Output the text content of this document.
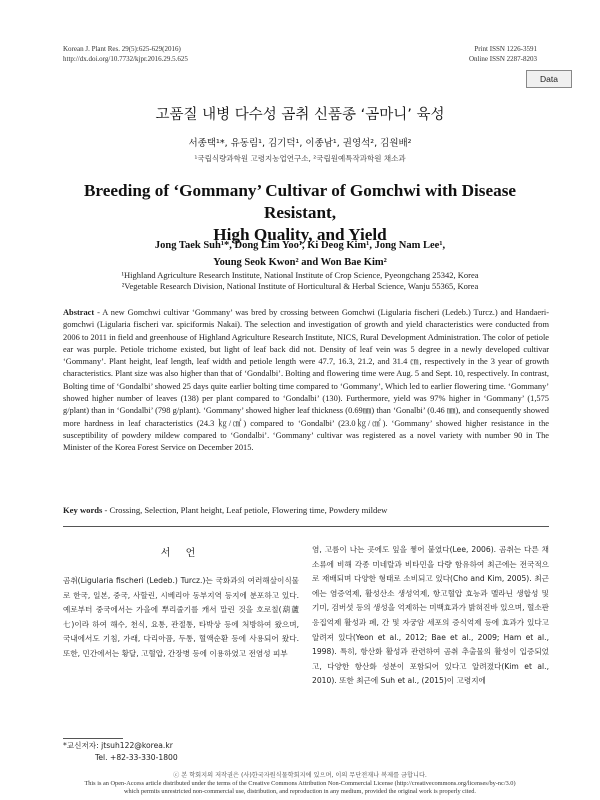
Korean J. Plant Res. 29(5):625-629(2016)
http://dx.doi.org/10.7732/kjpr.2016.29.5.625
Print ISSN 1226-3591
Online ISSN 2287-8203
Data
고품질 내병 다수성 곰취 신품종 ‘곰마니’ 육성
서종택¹*, 유동림¹, 김기덕¹, 이종남¹, 권영석², 김원배²
¹국립식량과학원 고령지농업연구소, ²국립원예특작과학원 채소과
Breeding of ‘Gommany’ Cultivar of Gomchwi with Disease Resistant,
High Quality, and Yield
Jong Taek Suh¹*, Dong Lim Yoo¹, Ki Deog Kim¹, Jong Nam Lee¹,
Young Seok Kwon² and Won Bae Kim²
¹Highland Agriculture Research Institute, National Institute of Crop Science, Pyeongchang 25342, Korea
²Vegetable Research Division, National Institute of Horticultural & Herbal Science, Wanju 55365, Korea
Abstract - A new Gomchwi cultivar ‘Gommany’ was bred by crossing between Gomchwi (Ligularia fischeri (Ledeb.) Turcz.) and Handaeri-gomchwi (Ligularia fischeri var. spiciformis Nakai). The selection and investigation of growth and yield characteristics were conducted from 2006 to 2011 in field and greenhouse of Highland Agriculture Research Institute, NICS, Rural Development Administration. The color of petiole ear was purple. Petiole trichome existed, but light of leaf back did not. Density of leaf vein was 5 degree in a newly developed cultivar ‘Gommany’. Plant height, leaf length, leaf width and petiole length were 47.7, 16.3, 21.2, and 31.4 ㎝, respectively in the 3 year of growth characteristics. Plant size was also higher than that of ‘Gondalbi’. Bolting and flowering time were Aug. 5 and Sept. 10, respectively. In contrast, Bolting time of ‘Gondalbi’ showed 25 days quite earlier bolting time compared to ‘Gommany’, Which led to earlier flowering time. ‘Gommany’ showed higher number of leaves (138) per plant compared to ‘Gondalbi’ (130). Furthermore, yield was 97% higher in ‘Gommany’ (1,575 g/plant) than in ‘Gondalbi’ (798 g/plant). ‘Gommany’ showed higher leaf thickness (0.69㎜) than ‘Gonalbi’ (0.46 ㎜), and consequently showed more hardness in leaf characteristics (24.3 ㎏/㎠) compared to ‘Gondalbi’ (23.0㎏/㎠). ‘Gommany’ showed higher resistance in the susceptibility of powdery mildew compared to ‘Gondalbi’. ‘Gommany’ cultivar was registered as a novel variety with number 90 in The Minister of the Korea Forest Service on December 2015.
Key words - Crossing, Selection, Plant height, Leaf petiole, Flowering time, Powdery mildew
서 언

곰취(Ligularia fischeri (Ledeb.) Turcz.)는 국화과의 여러해살이식물로 한국, 일본, 중국, 사할린, 시베리아 동부지역 등지에 분포하고 있다. 예로부터 중국에서는 가을에 뿌리줄기를 캐서 말린 것을 호로칠(葫蘆七)이라 하여 해수, 천식, 요통, 관절통, 타박상 등에 처방하여 왔으며, 국내에서도 기침, 가래, 다리아픔, 두통, 혈액순환 등에 사용되어 왔다. 또한, 민간에서는 황달, 고혈압, 간장병 등에 이용하였고 전염성 피부

염, 고름이 나는 곳에도 잎을 찧어 붙였다(Lee, 2006). 곰취는 다른 채소류에 비해 각종 미네랄과 비타민을 다량 함유하여 최근에는 전국적으로 재배되며 다양한 형태로 소비되고 있다(Cho and Kim, 2005). 최근에는 염증억제, 활성산소 생성억제, 항고혈압 효능과 멜라닌 생합성 및 기미, 검버섯 등의 생성을 억제하는 미백효과가 밝혀진바 있으며, 혈소판 응집억제 활성과 폐, 간 및 자궁암 세포의 증식억제 등에 효과가 있다고 알려져 있다(Yeon et al., 2012; Bae et al., 2009; Ham et al., 1998). 특히, 항산화 활성과 관련하여 곰취 추출물의 활성이 입증되었고, 다양한 항산화 성분이 포함되어 있다고 알려졌다(Kim et al., 2010). 또한 최근에 Suh et al., (2015)이 고령지에

*교신저자: jtsuh122@korea.kr
Tel. +82-33-330-1800
ⓒ 본 학회지의 저작권은 (사)한국자원식물학회지에 있으며, 이의 무단전재나 복제를 금합니다.
This is an Open-Access article distributed under the terms of the Creative Commons Attribution Non-Commercial License (http://creativecommons.org/licenses/by-nc/3.0)
which permits unrestricted non-commercial use, distribution, and reproduction in any medium, provided the original work is properly cited.
